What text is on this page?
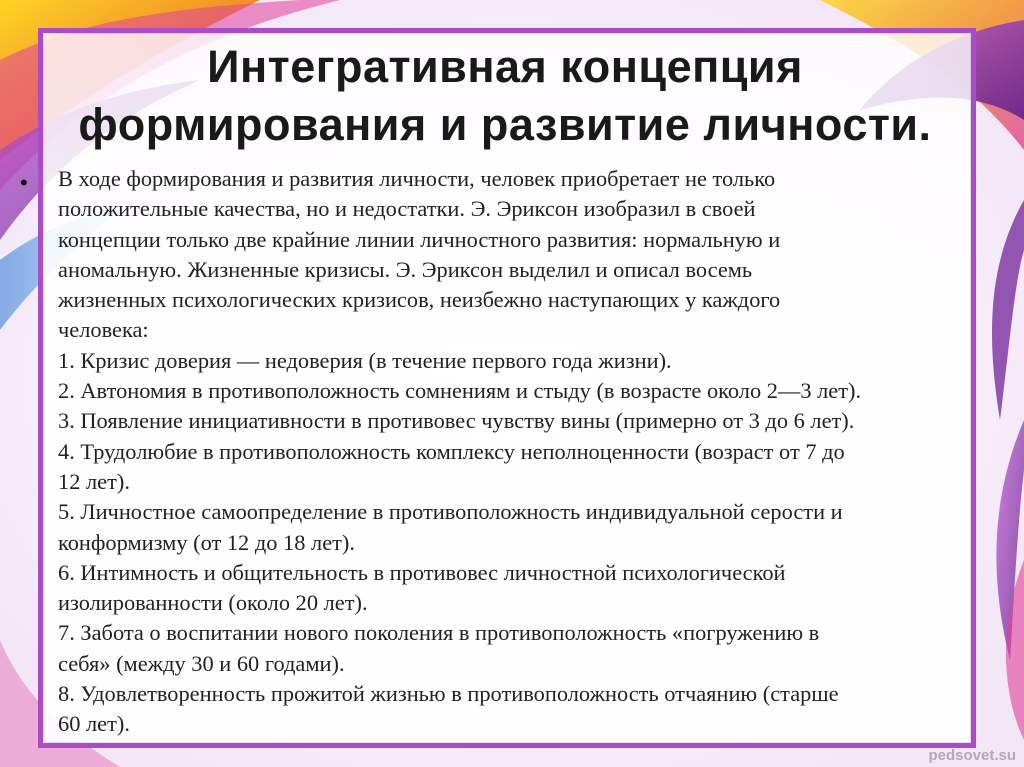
Интегративная концепция
формирования и развитие личности.
• В ходе формирования и развития личности, человек приобретает не только
положительные качества, но и недостатки. Э. Эриксон изобразил в своей
концепции только две крайние линии личностного развития: нормальную и
аномальную. Жизненные кризисы. Э. Эриксон выделил и описал восемь
жизненных психологических кризисов, неизбежно наступающих у каждого
человека:
1. Кризис доверия — недоверия (в течение первого года жизни).
2. Автономия в противоположность сомнениям и стыду (в возрасте около 2—3 лет).
3. Появление инициативности в противовес чувству вины (примерно от 3 до 6 лет).
4. Трудолюбие в противоположность комплексу неполноценности (возраст от 7 до
12 лет).
5. Личностное самоопределение в противоположность индивидуальной серости и
конформизму (от 12 до 18 лет).
6. Интимность и общительность в противовес личностной психологической
изолированности (около 20 лет).
7. Забота о воспитании нового поколения в противоположность «погружению в
себя» (между 30 и 60 годами).
8. Удовлетворенность прожитой жизнью в противоположность отчаянию (старше
60 лет).
pedsovet.su
